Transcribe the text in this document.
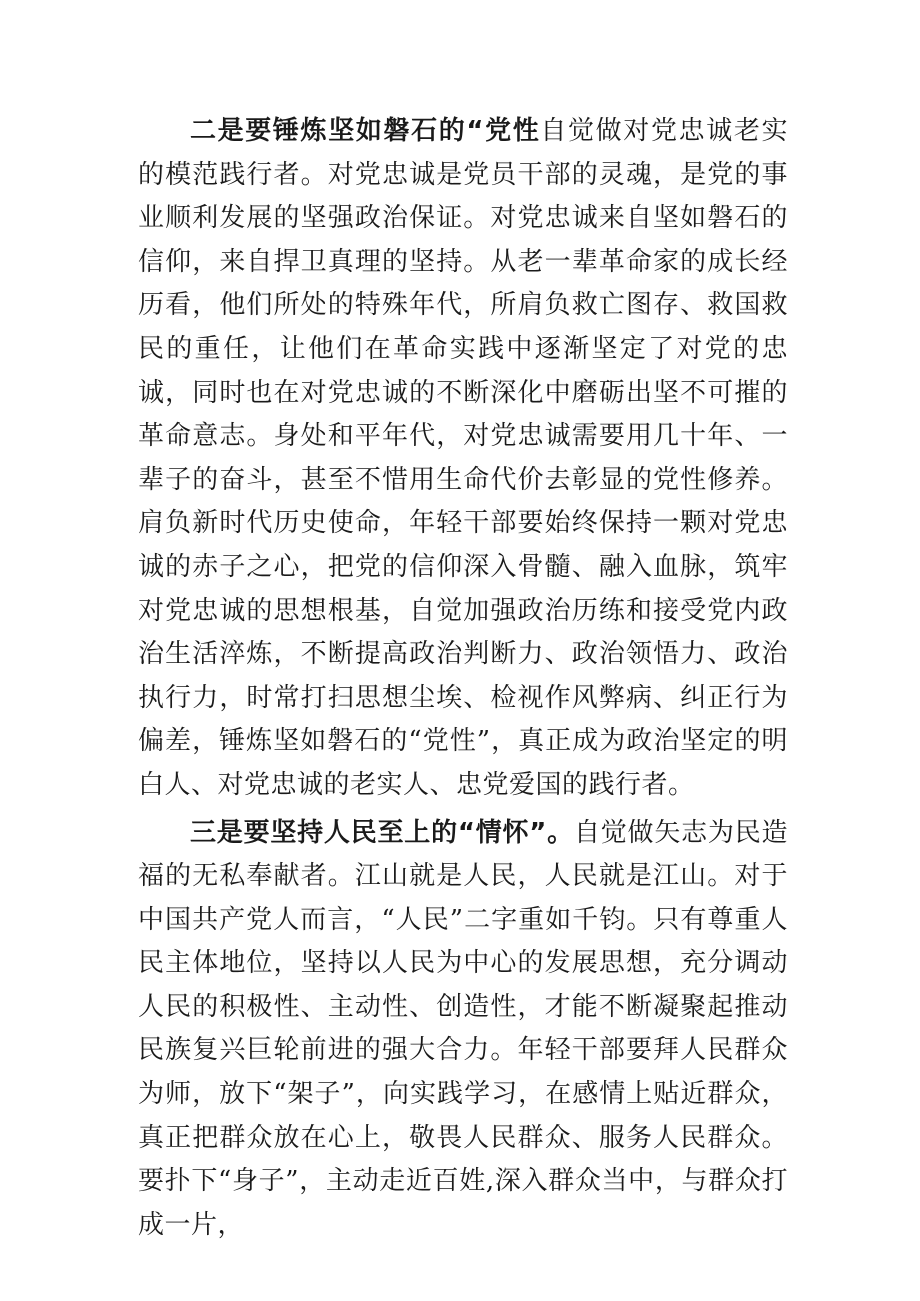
二是要锤炼坚如磐石的“党性自觉做对党忠诚老实的模范践行者。对党忠诚是党员干部的灵魂，是党的事业顺利发展的坚强政治保证。对党忠诚来自坚如磐石的信仰，来自捍卫真理的坚持。从老一辈革命家的成长经历看，他们所处的特殊年代，所肩负救亡图存、救国救民的重任，让他们在革命实践中逐渐坚定了对党的忠诚，同时也在对党忠诚的不断深化中磨砺出坚不可摧的革命意志。身处和平年代，对党忠诚需要用几十年、一辈子的奋斗，甚至不惜用生命代价去彰显的党性修养。肩负新时代历史使命，年轻干部要始终保持一颗对党忠诚的赤子之心，把党的信仰深入骨髓、融入血脉，筑牢对党忠诚的思想根基，自觉加强政治历练和接受党内政治生活淬炼，不断提高政治判断力、政治领悟力、政治执行力，时常打扫思想尘埃、检视作风弊病、纠正行为偏差，锤炼坚如磐石的“党性”，真正成为政治坚定的明白人、对党忠诚的老实人、忠党爱国的践行者。

三是要坚持人民至上的“情怀”。自觉做矢志为民造福的无私奉献者。江山就是人民，人民就是江山。对于中国共产党人而言，“人民”二字重如千钧。只有尊重人民主体地位，坚持以人民为中心的发展思想，充分调动人民的积极性、主动性、创造性，才能不断凝聚起推动民族复兴巨轮前进的强大合力。年轻干部要拜人民群众为师，放下“架子”，向实践学习，在感情上贴近群众，真正把群众放在心上，敬畏人民群众、服务人民群众。要扑下“身子”，主动走近百姓,深入群众当中，与群众打成一片，
